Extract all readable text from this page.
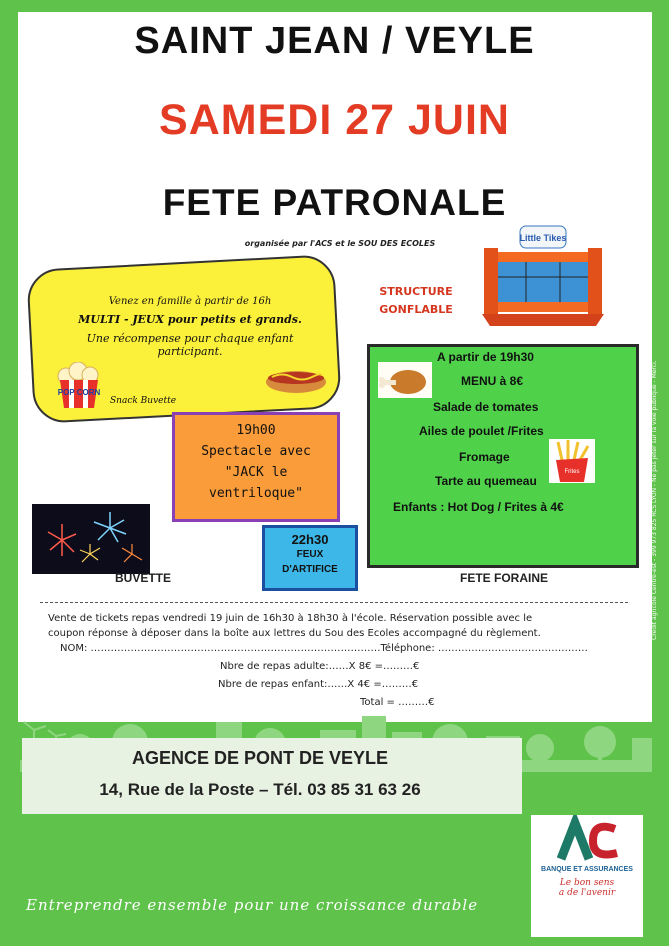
SAINT JEAN / VEYLE
SAMEDI 27 JUIN
FETE PATRONALE
organisée par l'ACS et le SOU DES ECOLES
Venez en famille à partir de 16h
MULTI - JEUX pour petits et grands.
Une récompense pour chaque enfant
participant.
Snack Buvette
POP CORN
Little Tikes
STRUCTURE
GONFLABLE
A partir de 19h30
MENU à 8€
Salade de tomates
Ailes de poulet /Frites
Fromage
Tarte au quemeau
Enfants : Hot Dog / Frites à 4€
Frites
19h00
Spectacle avec
"JACK le
ventriloque"
22h30
FEUX
D'ARTIFICE
BUVETTE	FETE FORAINE
Vente de tickets repas vendredi 19 juin de 16h30 à 18h30 à l'école. Réservation possible avec le
coupon réponse à déposer dans la boîte aux lettres du Sou des Ecoles accompagné du règlement.
NOM: ……………………………………………………………………………Téléphone: ………………………………………
Nbre de repas adulte:……X 8€ =………€
Nbre de repas enfant:……X 4€ =………€
Total = ………€
AGENCE DE PONT DE VEYLE
14, Rue de la Poste – Tél. 03 85 31 63 26
BANQUE ET ASSURANCES
Le bon sens
a de l'avenir
Entreprendre ensemble pour une croissance durable
Crédit agricole Centre-est - 399 973 825 RCS LYON - Ne pas jeter sur la voie publique - Merci.
